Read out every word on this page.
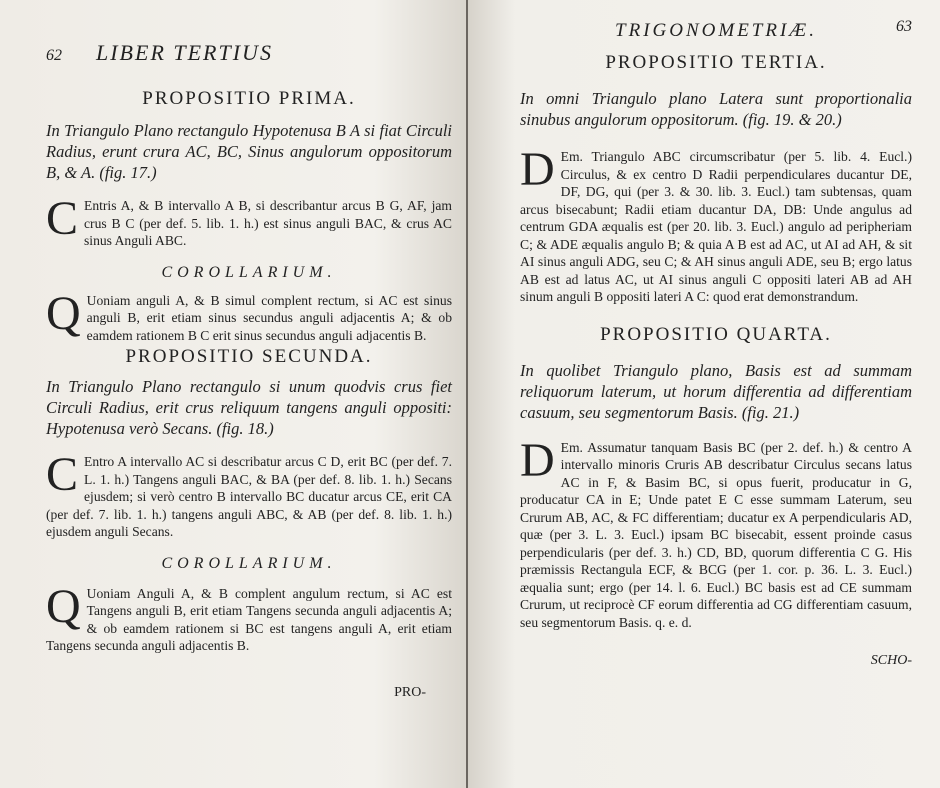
62 LIBER TERTIUS
PROPOSITIO PRIMA.

In Triangulo Plano rectangulo Hypotenusa B A si fiat Circuli Radius, erunt crura AC, BC, Sinus angulorum oppositorum B, & A. (fig. 17.)

C Entris A, & B intervallo A B, si describantur arcus B G, AF, jam crus B C (per def. 5. lib. 1. h.) est sinus anguli BAC, & crus AC sinus Anguli ABC.

COROLLARIUM.

Q Uoniam anguli A, & B simul complent rectum, si AC est sinus anguli B, erit etiam sinus secundus anguli adjacentis A; & ob eamdem rationem B C erit sinus secundus anguli adjacentis B.

PROPOSITIO SECUNDA.

In Triangulo Plano rectangulo si unum quodvis crus fiet Circuli Radius, erit crus reliquum tangens anguli oppositi: Hypotenusa verò Secans. (fig. 18.)

C Entro A intervallo AC si describatur arcus C D, erit BC (per def. 7. L. 1. h.) Tangens anguli BAC, & BA (per def. 8. lib. 1. h.) Secans ejusdem; si verò centro B intervallo BC ducatur arcus CE, erit CA (per def. 7. lib. 1. h.) tangens anguli ABC, & AB (per def. 8. lib. 1. h.) ejusdem anguli Secans.

COROLLARIUM.

Q Uoniam Anguli A, & B complent angulum rectum, si AC est Tangens anguli B, erit etiam Tangens secunda anguli adjacentis A; & ob eamdem rationem si BC est tangens anguli A, erit etiam Tangens secunda anguli adjacentis B.

PRO-
TRIGONOMETRIÆ.	63
PROPOSITIO TERTIA.

In omni Triangulo plano Latera sunt proportionalia sinubus angulorum oppositorum. (fig. 19. & 20.)

D Em. Triangulo ABC circumscribatur (per 5. lib. 4. Eucl.) Circulus, & ex centro D Radii perpendiculares ducantur DE, DF, DG, qui (per 3. & 30. lib. 3. Eucl.) tam subtensas, quam arcus bisecabunt; Radii etiam ducantur DA, DB: Unde angulus ad centrum GDA æqualis est (per 20. lib. 3. Eucl.) angulo ad peripheriam C; & ADE æqualis angulo B; & quia A B est ad AC, ut AI ad AH, & sit AI sinus anguli ADG, seu C; & AH sinus anguli ADE, seu B; ergo latus AB est ad latus AC, ut AI sinus anguli C oppositi lateri AB ad AH sinum anguli B oppositi lateri A C: quod erat demonstrandum.

PROPOSITIO QUARTA.

In quolibet Triangulo plano, Basis est ad summam reliquorum laterum, ut horum differentia ad differentiam casuum, seu segmentorum Basis. (fig. 21.)

D Em. Assumatur tanquam Basis BC (per 2. def. h.) & centro A intervallo minoris Cruris AB describatur Circulus secans latus AC in F, & Basim BC, si opus fuerit, producatur in G, producatur CA in E; Unde patet E C esse summam Laterum, seu Crurum AB, AC, & FC differentiam; ducatur ex A perpendicularis AD, quæ (per 3. L. 3. Eucl.) ipsam BC bisecabit, essent proinde casus perpendicularis (per def. 3. h.) CD, BD, quorum differentia C G. His præmissis Rectangula ECF, & BCG (per 1. cor. p. 36. L. 3. Eucl.) æqualia sunt; ergo (per 14. l. 6. Eucl.) BC basis est ad CE summam Crurum, ut reciprocè CF eorum differentia ad CG differentiam casuum, seu segmentorum Basis. q. e. d.

SCHO-
